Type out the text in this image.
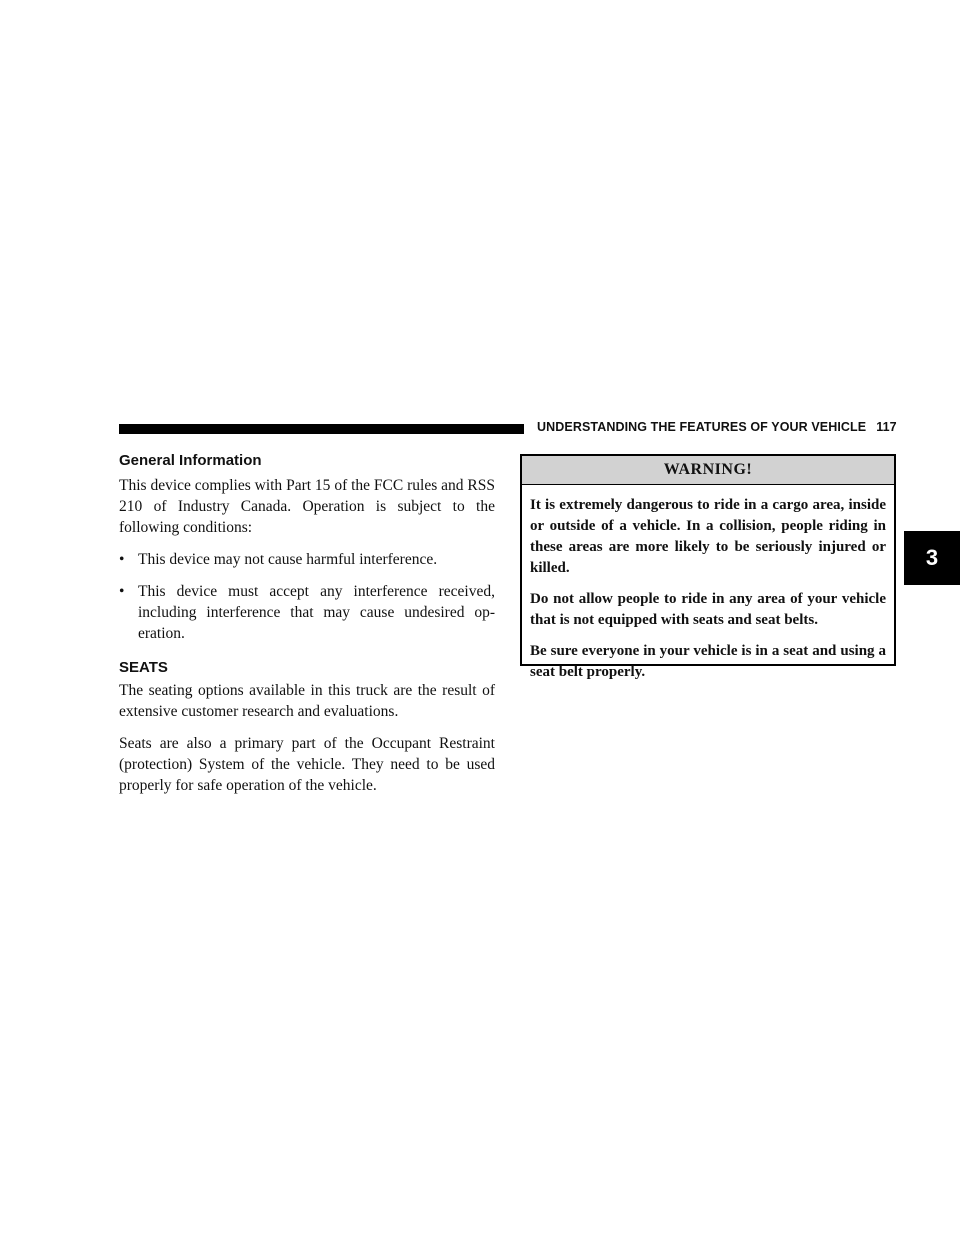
UNDERSTANDING THE FEATURES OF YOUR VEHICLE 117
3
General Information

This device complies with Part 15 of the FCC rules and RSS 210 of Industry Canada. Operation is subject to the following conditions:

• This device may not cause harmful interference.
• This device must accept any interference received, including interference that may cause undesired op-eration.
SEATS

The seating options available in this truck are the result of extensive customer research and evaluations.

Seats are also a primary part of the Occupant Restraint (protection) System of the vehicle. They need to be used properly for safe operation of the vehicle.

WARNING!

It is extremely dangerous to ride in a cargo area, inside or outside of a vehicle. In a collision, people riding in these areas are more likely to be seriously injured or killed.

Do not allow people to ride in any area of your vehicle that is not equipped with seats and seat belts.

Be sure everyone in your vehicle is in a seat and using a seat belt properly.
